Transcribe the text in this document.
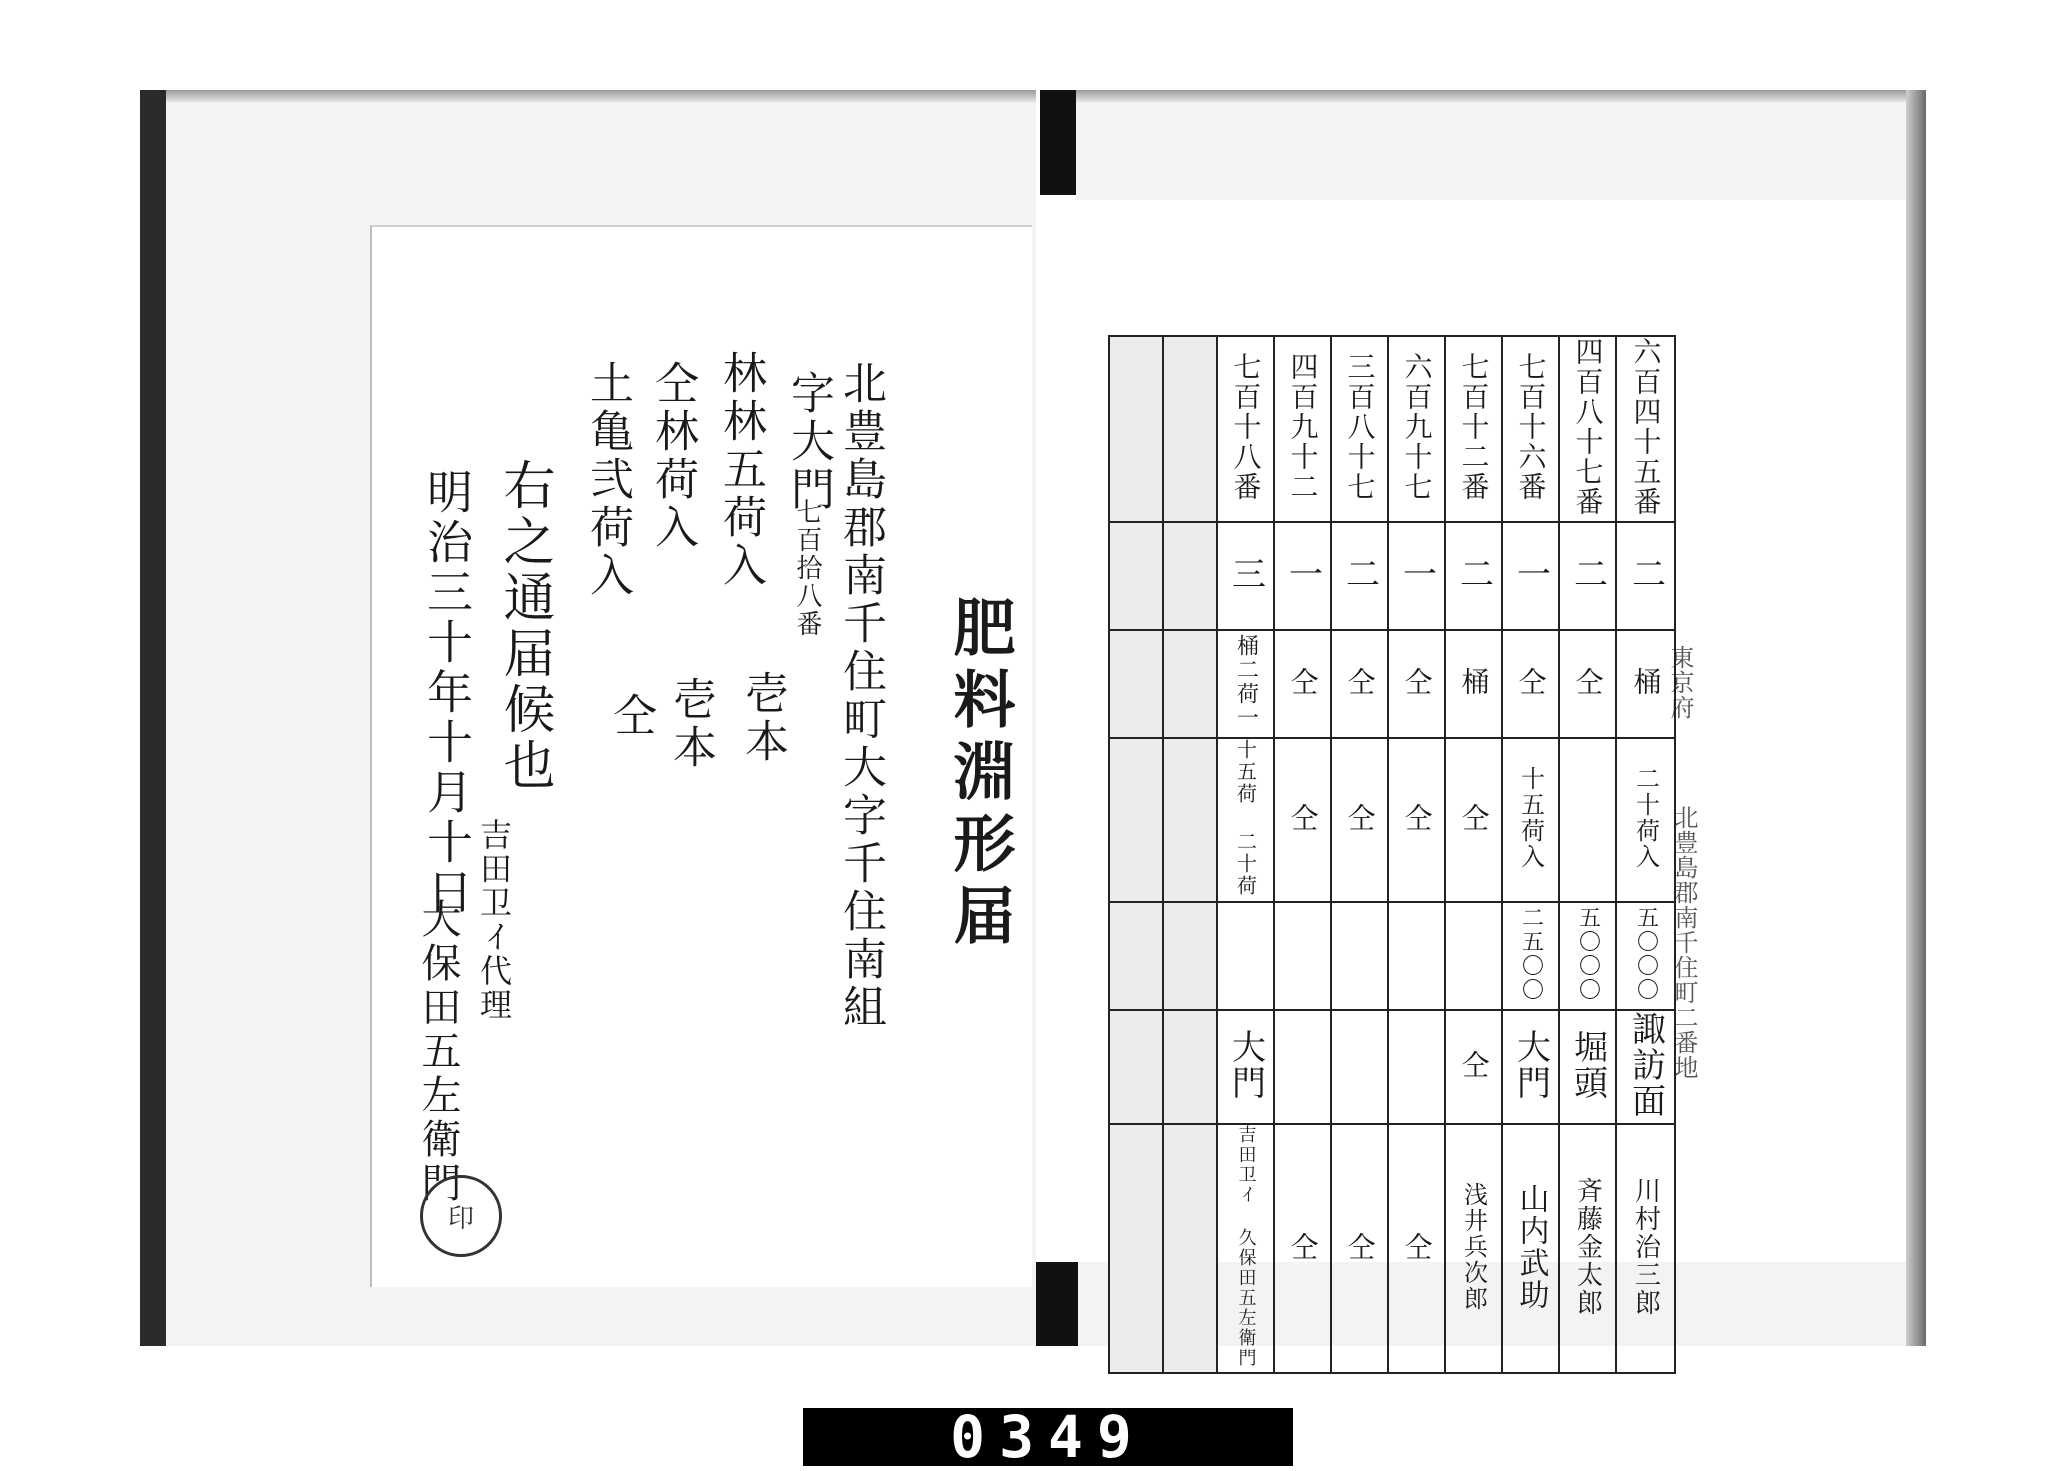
肥料淵形届
北豊島郡南千住町大字千住南組
字大門
七百拾八番
林林五荷入
壱本
仝林荷入
壱本
土亀弐荷入
仝
右之通届候也
明治三十年十月十日
吉田卫ｲ代理
大保田五左衛門
印
東京府
北豊島郡南千住町二番地
		七百十八番	四百九十二	三百八十七	六百九十七	七百十二番	七百十六番	四百八十七番	六百四十五番
		三	一	二	一	二	一	二	二
		桶二荷一	仝	仝	仝	桶	仝	仝	桶
		十五荷 二十荷	仝	仝	仝	仝	十五荷入		二十荷入
							二五〇〇	五〇〇〇	五〇〇〇
		大門				仝	大門	堀頭	諏訪面
		吉田卫ｲ 久保田五左衛門	仝	仝	仝	浅井兵次郎	山内武助	斉藤金太郎	川村治三郎
0349
